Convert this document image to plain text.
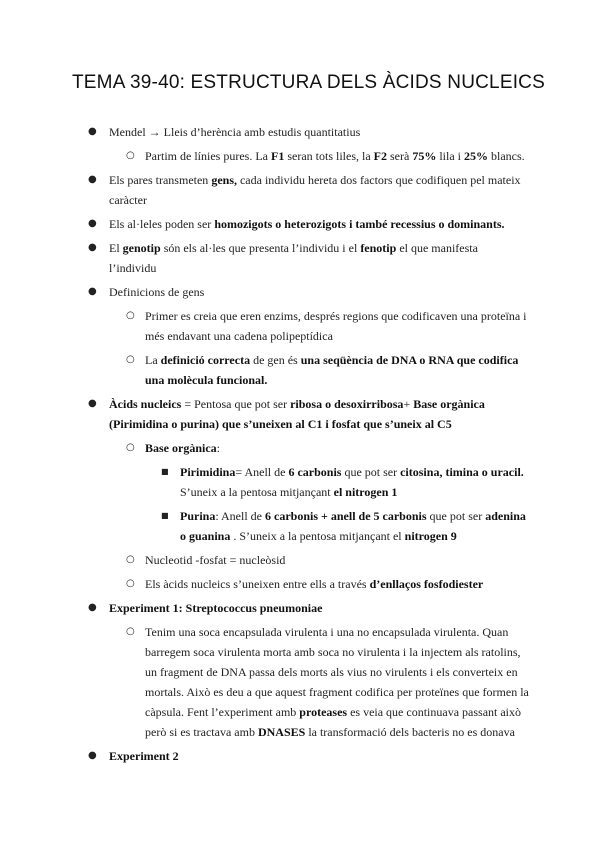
TEMA 39-40: ESTRUCTURA DELS ÀCIDS NUCLEICS
● Mendel → Lleis d’herència amb estudis quantitatius
○ Partim de línies pures. La F1 seran tots liles, la F2 serà 75% lila i 25% blancs.
● Els pares transmeten gens, cada individu hereta dos factors que codifiquen pel mateix caràcter
● Els al·leles poden ser homozigots o heterozigots i també recessius o dominants.
● El genotip són els al·les que presenta l’individu i el fenotip el que manifesta l’individu
● Definicions de gens
○ Primer es creia que eren enzims, després regions que codificaven una proteïna i més endavant una cadena polipeptídica
○ La definició correcta de gen és una seqüència de DNA o RNA que codifica una molècula funcional.
● Àcids nucleics = Pentosa que pot ser ribosa o desoxirribosa+ Base orgànica (Pirimidina o purina) que s’uneixen al C1 i fosfat que s’uneix al C5
○ Base orgànica:
■ Pirimidina= Anell de 6 carbonis que pot ser citosina, timina o uracil. S’uneix a la pentosa mitjançant el nitrogen 1
■ Purina: Anell de 6 carbonis + anell de 5 carbonis que pot ser adenina o guanina . S’uneix a la pentosa mitjançant el nitrogen 9
○ Nucleotid -fosfat = nucleòsid
○ Els àcids nucleics s’uneixen entre ells a través d’enllaços fosfodiester
● Experiment 1: Streptococcus pneumoniae
○ Tenim una soca encapsulada virulenta i una no encapsulada virulenta. Quan barregem soca virulenta morta amb soca no virulenta i la injectem als ratolins, un fragment de DNA passa dels morts als vius no virulents i els converteix en mortals. Això es deu a que aquest fragment codifica per proteïnes que formen la càpsula. Fent l’experiment amb proteases es veia que continuava passant això però si es tractava amb DNASES la transformació dels bacteris no es donava
● Experiment 2
